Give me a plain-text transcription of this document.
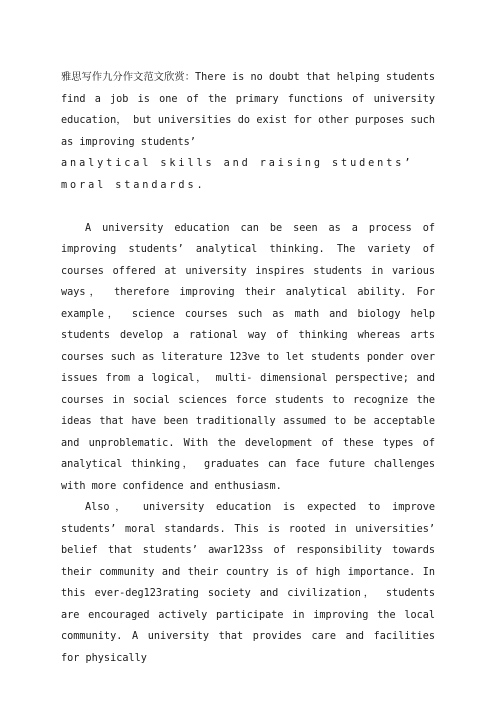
雅思写作九分作文范文欣赏：There is no doubt that helping students find a job is one of the primary functions of university education， but universities do exist for other purposes such as improving students’
analytical skills and raising students’ moral standards.

A university education can be seen as a process of improving students’ analytical thinking. The variety of courses offered at university inspires students in various ways， therefore improving their analytical ability. For example， science courses such as math and biology help students develop a rational way of thinking whereas arts courses such as literature 123ve to let students ponder over issues from a logical， multi- dimensional perspective; and courses in social sciences force students to recognize the ideas that have been traditionally assumed to be acceptable and unproblematic. With the development of these types of analytical thinking， graduates can face future challenges with more confidence and enthusiasm.

Also， university education is expected to improve students’ moral standards. This is rooted in universities’ belief that students’ awar123ss of responsibility towards their community and their country is of high importance. In this ever-deg123rating society and civilization， students are encouraged actively participate in improving the local community. A university that provides care and facilities for physically
